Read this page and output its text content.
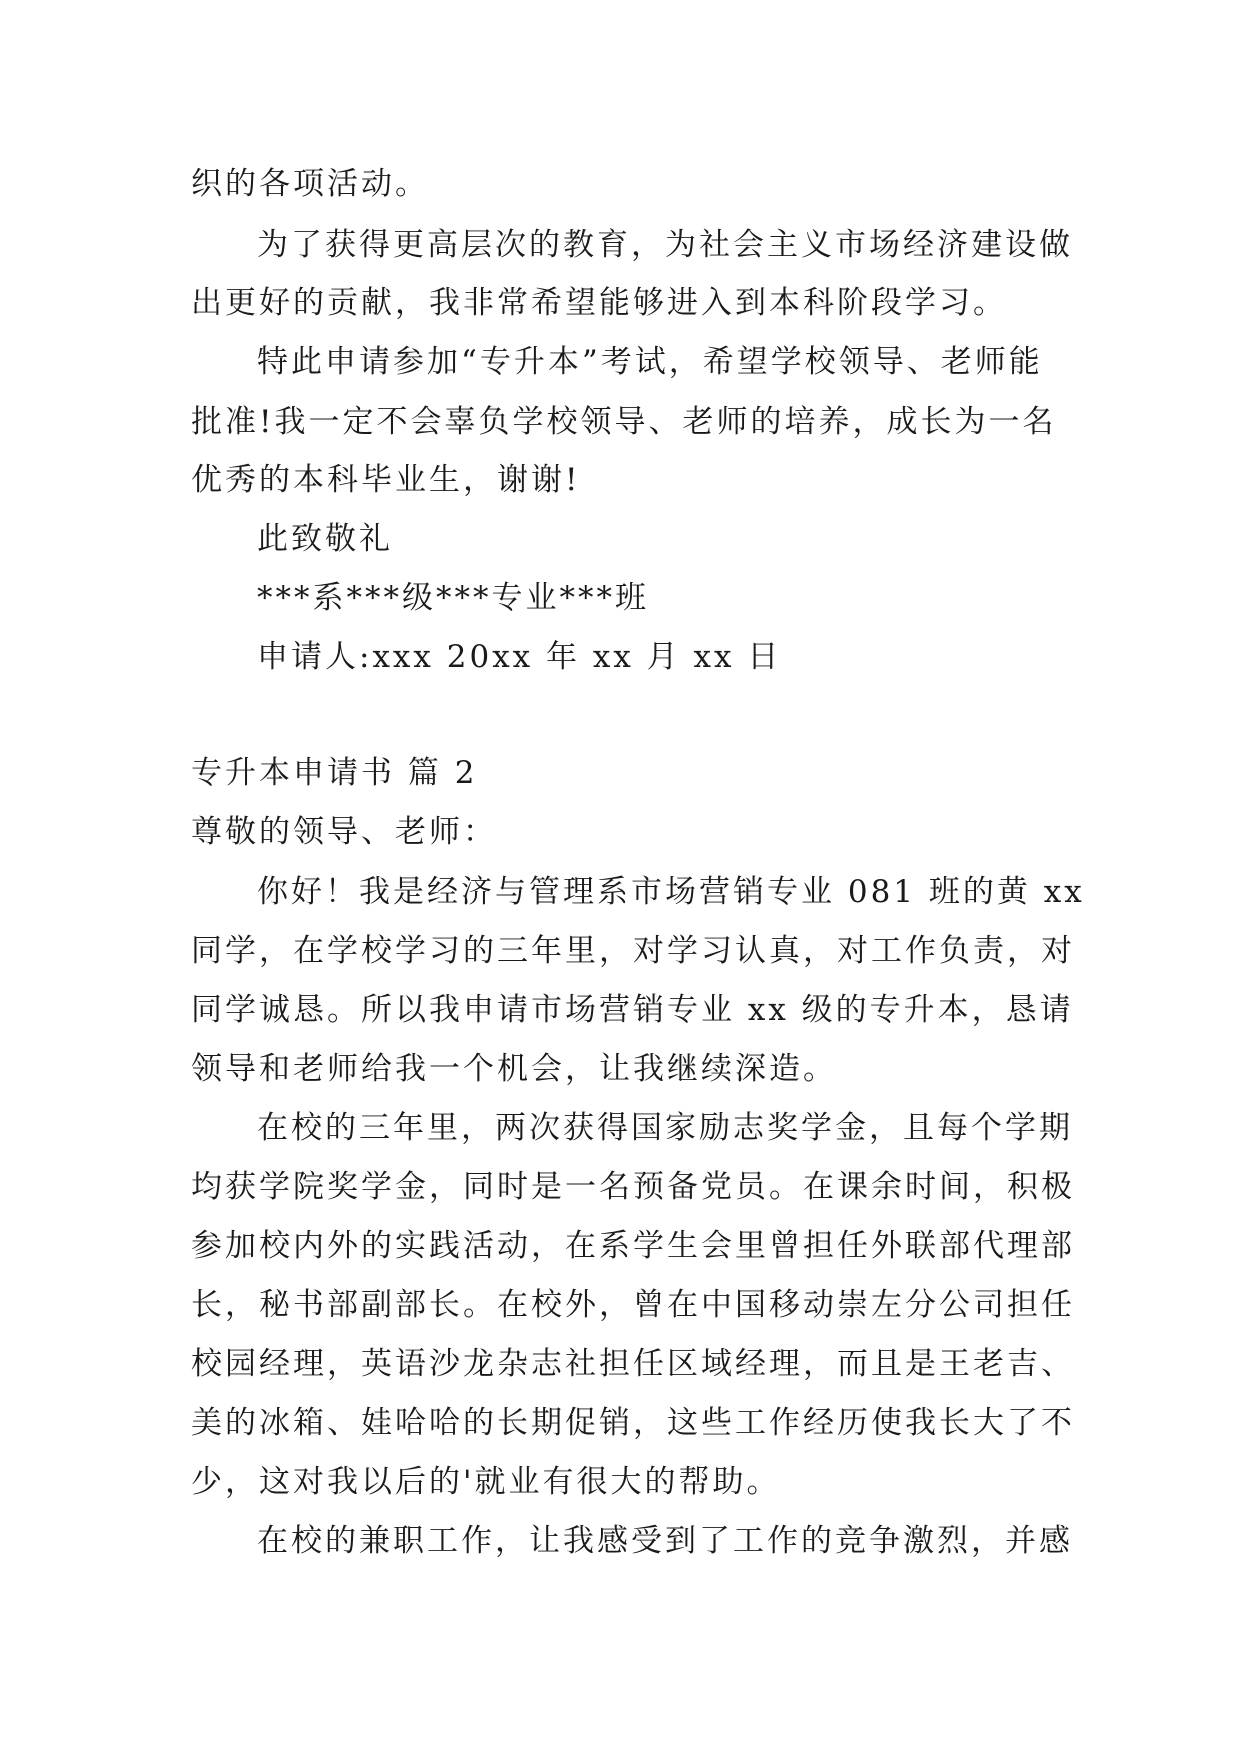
织的各项活动。
为了获得更高层次的教育，为社会主义市场经济建设做
出更好的贡献，我非常希望能够进入到本科阶段学习。
特此申请参加“专升本”考试，希望学校领导、老师能
批准!我一定不会辜负学校领导、老师的培养，成长为一名
优秀的本科毕业生，谢谢!
此致敬礼
***系***级***专业***班
申请人:xxx 20xx 年 xx 月 xx 日
专升本申请书 篇 2
尊敬的领导、老师：
你好！我是经济与管理系市场营销专业 081 班的黄 xx
同学，在学校学习的三年里，对学习认真，对工作负责，对
同学诚恳。所以我申请市场营销专业 xx 级的专升本，恳请
领导和老师给我一个机会，让我继续深造。
在校的三年里，两次获得国家励志奖学金，且每个学期
均获学院奖学金，同时是一名预备党员。在课余时间，积极
参加校内外的实践活动，在系学生会里曾担任外联部代理部
长，秘书部副部长。在校外，曾在中国移动崇左分公司担任
校园经理，英语沙龙杂志社担任区域经理，而且是王老吉、
美的冰箱、娃哈哈的长期促销，这些工作经历使我长大了不
少，这对我以后的'就业有很大的帮助。
在校的兼职工作，让我感受到了工作的竞争激烈，并感
